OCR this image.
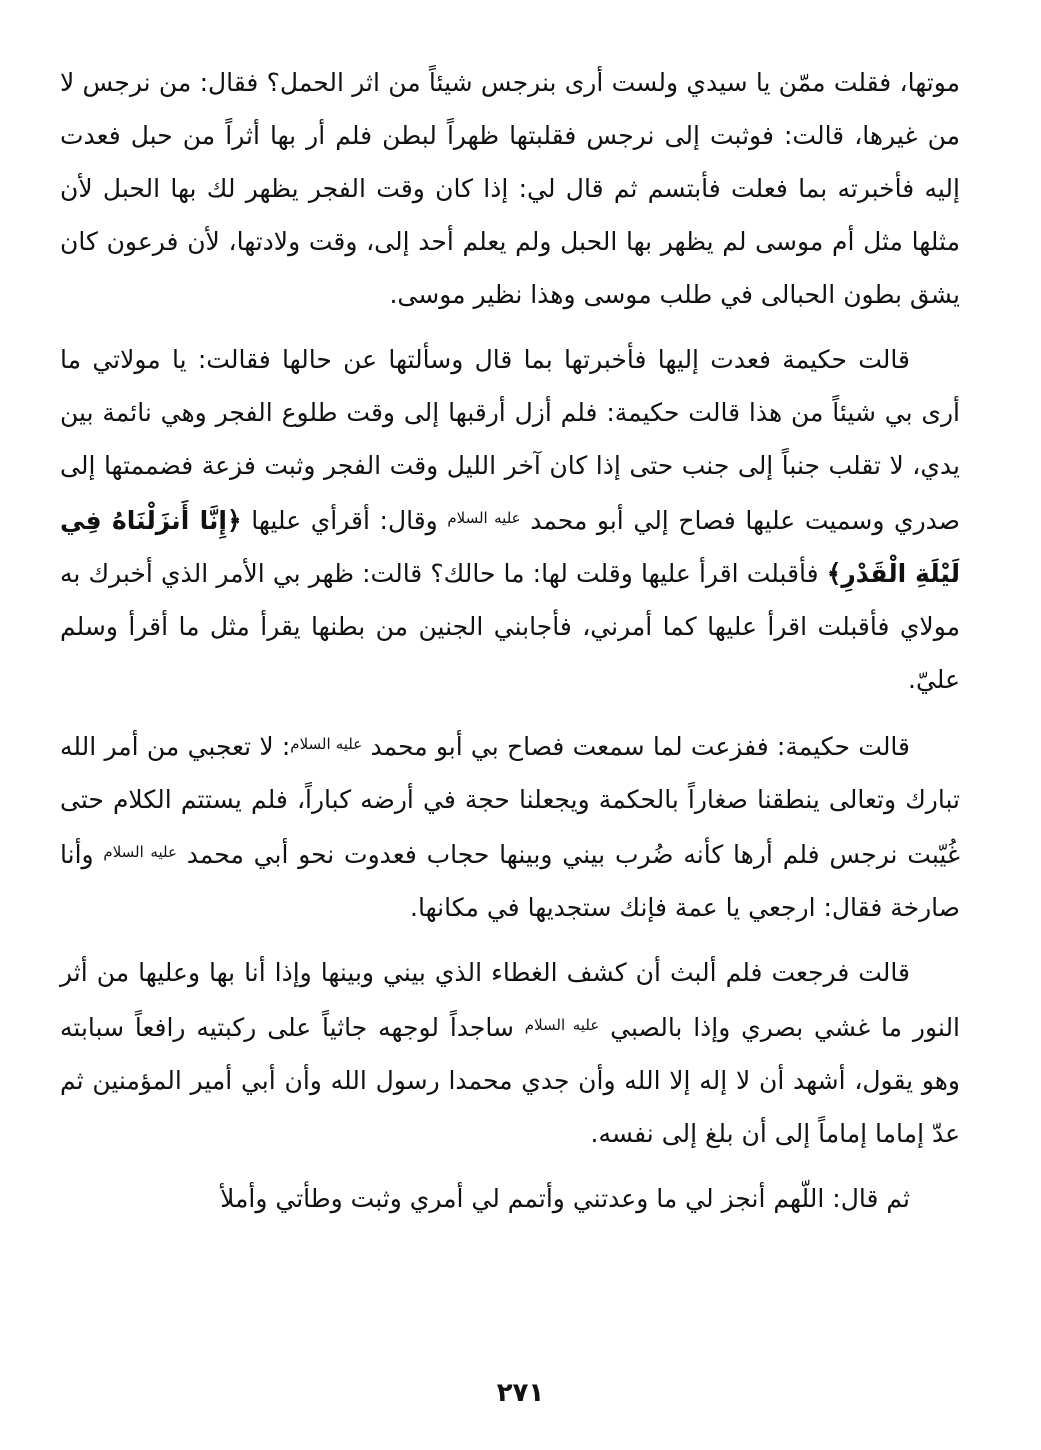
موتها، فقلت ممّن يا سيدي ولست أرى بنرجس شيئاً من اثر الحمل؟ فقال: من نرجس لا من غيرها، قالت: فوثبت إلى نرجس فقلبتها ظهراً لبطن فلم أر بها أثراً من حبل فعدت إليه فأخبرته بما فعلت فأبتسم ثم قال لي: إذا كان وقت الفجر يظهر لك بها الحبل لأن مثلها مثل أم موسى لم يظهر بها الحبل ولم يعلم أحد إلى، وقت ولادتها، لأن فرعون كان يشق بطون الحبالى في طلب موسى وهذا نظير موسى.

قالت حكيمة فعدت إليها فأخبرتها بما قال وسألتها عن حالها فقالت: يا مولاتي ما أرى بي شيئاً من هذا قالت حكيمة: فلم أزل أرقبها إلى وقت طلوع الفجر وهي نائمة بين يدي، لا تقلب جنباً إلى جنب حتى إذا كان آخر الليل وقت الفجر وثبت فزعة فضممتها إلى صدري وسميت عليها فصاح إلي أبو محمد $^{عليه السلام}$ وقال: أقرأي عليها ﴿إِنَّا أَنزَلْنَاهُ فِي لَيْلَةِ الْقَدْرِ﴾ فأقبلت اقرأ عليها وقلت لها: ما حالك؟ قالت: ظهر بي الأمر الذي أخبرك به مولاي فأقبلت اقرأ عليها كما أمرني، فأجابني الجنين من بطنها يقرأ مثل ما أقرأ وسلم عليّ.

قالت حكيمة: ففزعت لما سمعت فصاح بي أبو محمد $^{عليه السلام}$: لا تعجبي من أمر الله تبارك وتعالى ينطقنا صغاراً بالحكمة ويجعلنا حجة في أرضه كباراً، فلم يستتم الكلام حتى غُيّبت نرجس فلم أرها كأنه ضُرب بيني وبينها حجاب فعدوت نحو أبي محمد $^{عليه السلام}$ وأنا صارخة فقال: ارجعي يا عمة فإنك ستجديها في مكانها.

قالت فرجعت فلم ألبث أن كشف الغطاء الذي بيني وبينها وإذا أنا بها وعليها من أثر النور ما غشي بصري وإذا بالصبي $^{عليه السلام}$ ساجداً لوجهه جاثياً على ركبتيه رافعاً سبابته وهو يقول، أشهد أن لا إله إلا الله وأن جدي محمدا رسول الله وأن أبي أمير المؤمنين ثم عدّ إماما إماماً إلى أن بلغ إلى نفسه.

ثم قال: اللّهم أنجز لي ما وعدتني وأتمم لي أمري وثبت وطأتي وأملأ

٢٧١
